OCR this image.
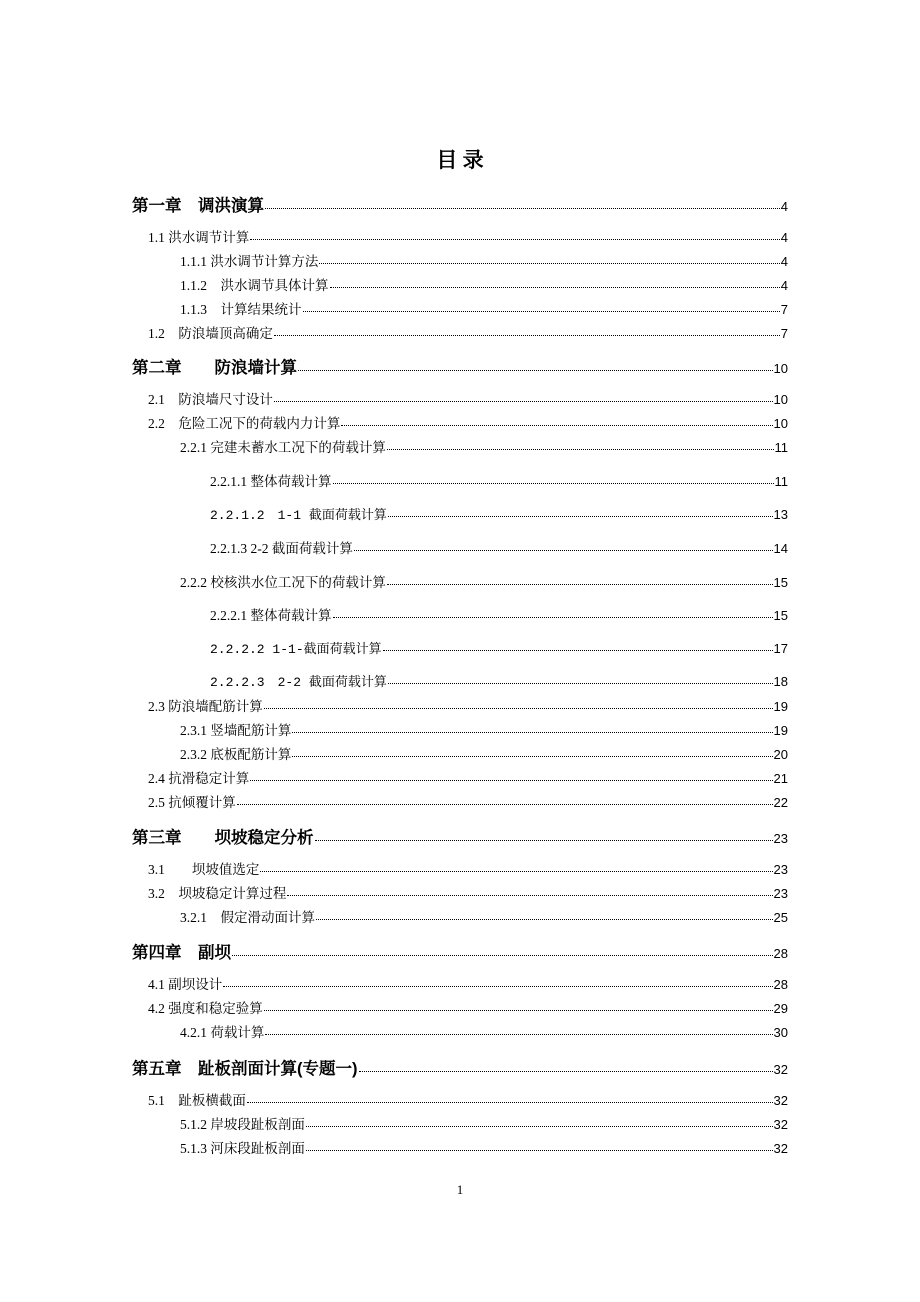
目 录
第一章　调洪演算	4
1.1 洪水调节计算	4
1.1.1 洪水调节计算方法	4
1.1.2　洪水调节具体计算	4
1.1.3　计算结果统计	7
1.2　防浪墙顶高确定	7
第二章　　防浪墙计算	10
2.1　防浪墙尺寸设计	10
2.2　危险工况下的荷载内力计算	10
2.2.1 完建未蓄水工况下的荷载计算	11
2.2.1.1 整体荷载计算	11
2.2.1.2　1-1 截面荷载计算	13
2.2.1.3 2-2 截面荷载计算	14
2.2.2 校核洪水位工况下的荷载计算	15
2.2.2.1 整体荷载计算	15
2.2.2.2 1-1-截面荷载计算	17
2.2.2.3　2-2 截面荷载计算	18
2.3 防浪墙配筋计算	19
2.3.1 竖墙配筋计算	19
2.3.2 底板配筋计算	20
2.4 抗滑稳定计算	21
2.5 抗倾覆计算	22
第三章　　坝坡稳定分析	23
3.1　　坝坡值选定	23
3.2　坝坡稳定计算过程	23
3.2.1　假定滑动面计算	25
第四章　副坝	28
4.1 副坝设计	28
4.2 强度和稳定验算	29
4.2.1 荷载计算	30
第五章　趾板剖面计算(专题一)	32
5.1　趾板横截面	32
5.1.2 岸坡段趾板剖面	32
5.1.3 河床段趾板剖面	32
1
